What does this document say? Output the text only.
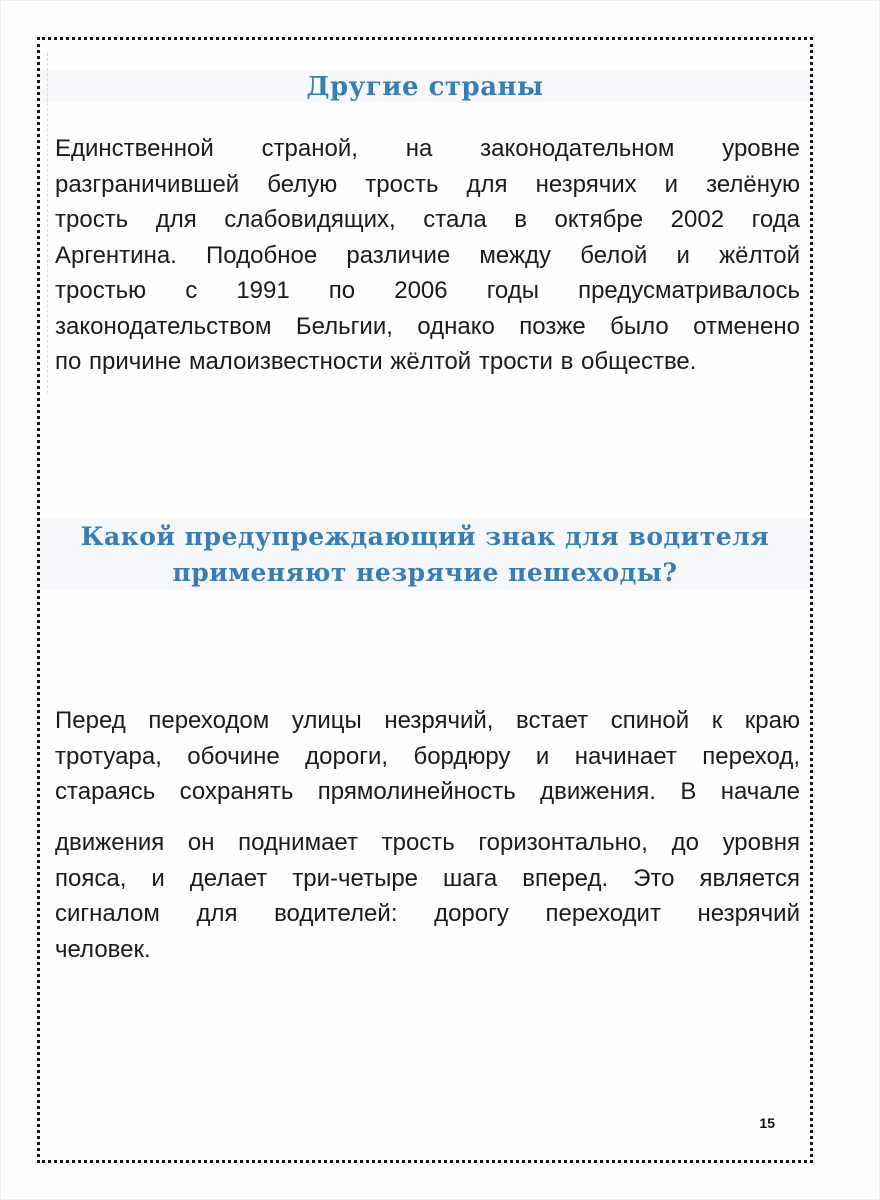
Другие страны
Единственной страной, на законодательном уровне
разграничившей белую трость для незрячих и зелёную
трость для слабовидящих, стала в октябре 2002 года
Аргентина. Подобное различие между белой и жёлтой
тростью с 1991 по 2006 годы предусматривалось
законодательством Бельгии, однако позже было отменено
по причине малоизвестности жёлтой трости в обществе.
Какой предупреждающий знак для водителя
применяют незрячие пешеходы?
Перед переходом улицы незрячий, встает спиной к краю
тротуара, обочине дороги, бордюру и начинает переход,
стараясь сохранять прямолинейность движения. В начале
движения он поднимает трость горизонтально, до уровня
пояса, и делает три-четыре шага вперед. Это является
сигналом для водителей: дорогу переходит незрячий
человек.
15
